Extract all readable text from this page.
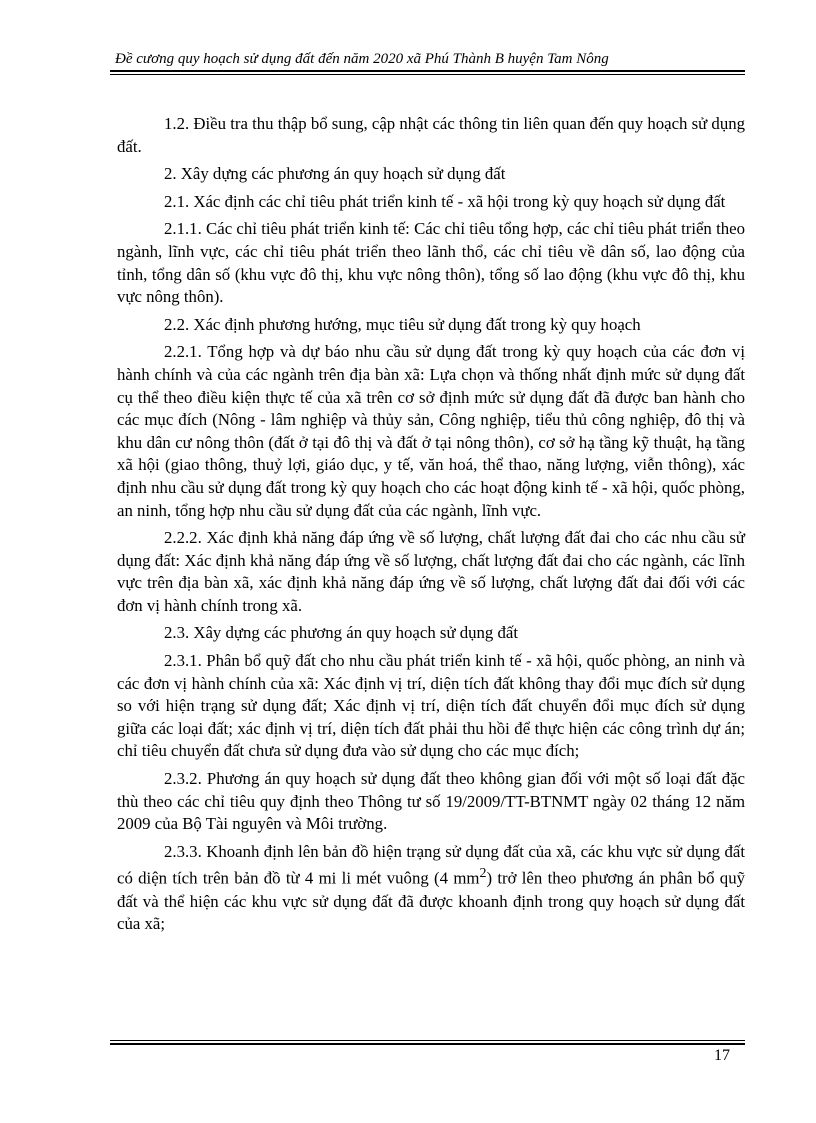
Đề cương quy hoạch sử dụng đất đến năm 2020 xã Phú Thành B huyện Tam Nông

1.2. Điều tra thu thập bổ sung, cập nhật các thông tin liên quan đến quy hoạch sử dụng đất.

2. Xây dựng các phương án quy hoạch sử dụng đất

2.1. Xác định các chỉ tiêu phát triển kinh tế - xã hội trong kỳ quy hoạch sử dụng đất

2.1.1. Các chỉ tiêu phát triển kinh tế: Các chỉ tiêu tổng hợp, các chỉ tiêu phát triển theo ngành, lĩnh vực, các chỉ tiêu phát triển theo lãnh thổ, các chỉ tiêu về dân số, lao động của tỉnh, tổng dân số (khu vực đô thị, khu vực nông thôn), tổng số lao động (khu vực đô thị, khu vực nông thôn).

2.2. Xác định phương hướng, mục tiêu sử dụng đất trong kỳ quy hoạch

2.2.1. Tổng hợp và dự báo nhu cầu sử dụng đất trong kỳ quy hoạch của các đơn vị hành chính và của các ngành trên địa bàn xã: Lựa chọn và thống nhất định mức sử dụng đất cụ thể theo điều kiện thực tế của xã trên cơ sở định mức sử dụng đất đã được ban hành cho các mục đích (Nông - lâm nghiệp và thủy sản, Công nghiệp, tiểu thủ công nghiệp, đô thị và khu dân cư nông thôn (đất ở tại đô thị và đất ở tại nông thôn), cơ sở hạ tầng kỹ thuật, hạ tầng xã hội (giao thông, thuỷ lợi, giáo dục, y tế, văn hoá, thể thao, năng lượng, viễn thông), xác định nhu cầu sử dụng đất trong kỳ quy hoạch cho các hoạt động kinh tế - xã hội, quốc phòng, an ninh, tổng hợp nhu cầu sử dụng đất của các ngành, lĩnh vực.

2.2.2. Xác định khả năng đáp ứng về số lượng, chất lượng đất đai cho các nhu cầu sử dụng đất: Xác định khả năng đáp ứng về số lượng, chất lượng đất đai cho các ngành, các lĩnh vực trên địa bàn xã, xác định khả năng đáp ứng về số lượng, chất lượng đất đai đối với các đơn vị hành chính trong xã.

2.3. Xây dựng các phương án quy hoạch sử dụng đất

2.3.1. Phân bổ quỹ đất cho nhu cầu phát triển kinh tế - xã hội, quốc phòng, an ninh và các đơn vị hành chính của xã: Xác định vị trí, diện tích đất không thay đổi mục đích sử dụng so với hiện trạng sử dụng đất; Xác định vị trí, diện tích đất chuyển đổi mục đích sử dụng giữa các loại đất; xác định vị trí, diện tích đất phải thu hồi để thực hiện các công trình dự án; chỉ tiêu chuyển đất chưa sử dụng đưa vào sử dụng cho các mục đích;

2.3.2. Phương án quy hoạch sử dụng đất theo không gian đối với một số loại đất đặc thù theo các chỉ tiêu quy định theo Thông tư số 19/2009/TT-BTNMT ngày 02 tháng 12 năm 2009 của Bộ Tài nguyên và Môi trường.

2.3.3. Khoanh định lên bản đồ hiện trạng sử dụng đất của xã, các khu vực sử dụng đất có diện tích trên bản đồ từ 4 mi li mét vuông (4 $mm^2$) trở lên theo phương án phân bổ quỹ đất và thể hiện các khu vực sử dụng đất đã được khoanh định trong quy hoạch sử dụng đất của xã;

17
